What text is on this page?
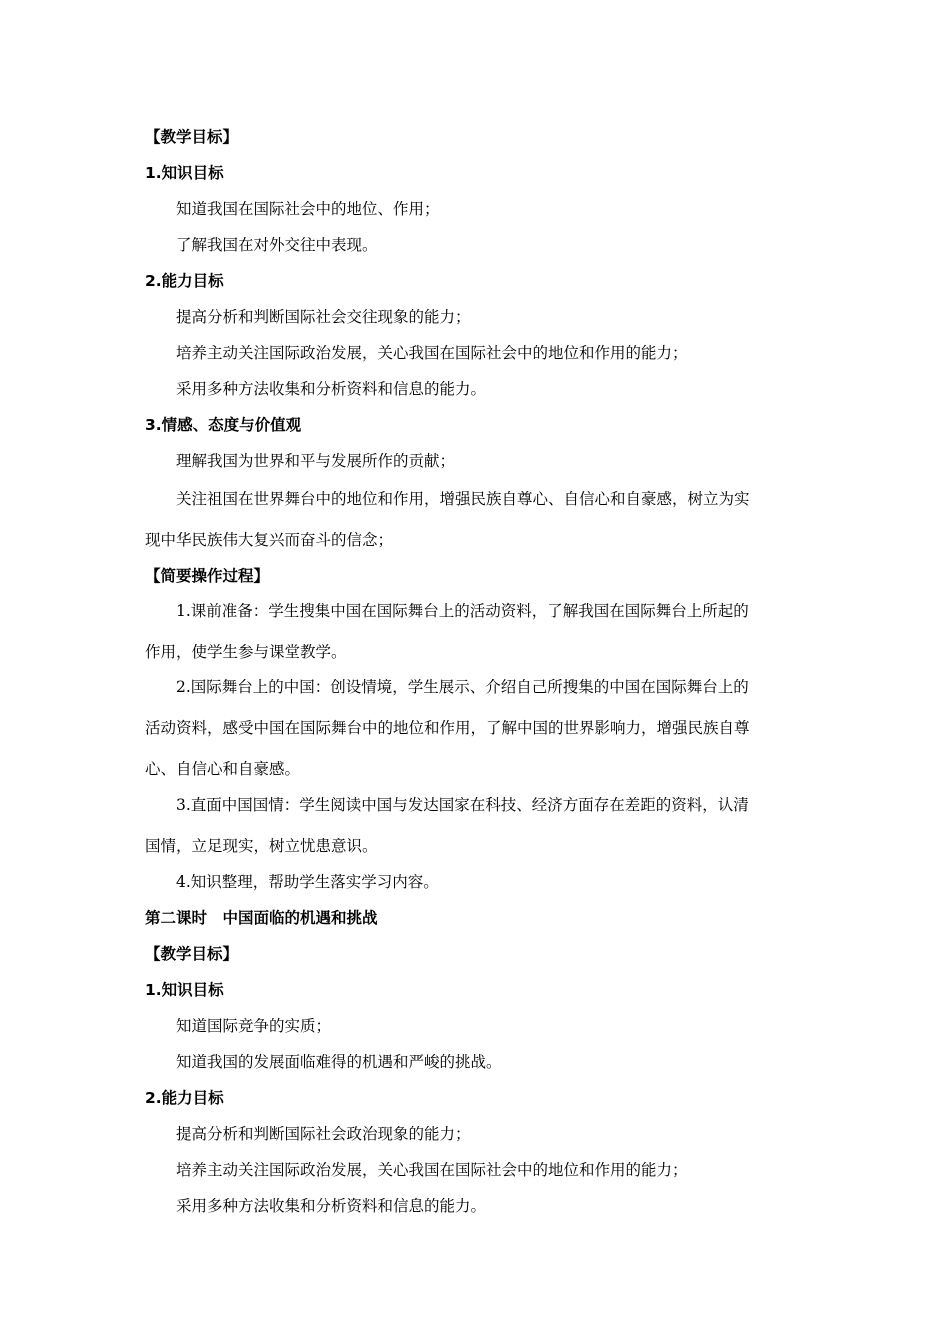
【教学目标】
1.知识目标
知道我国在国际社会中的地位、作用；
了解我国在对外交往中表现。
2.能力目标
提高分析和判断国际社会交往现象的能力；
培养主动关注国际政治发展，关心我国在国际社会中的地位和作用的能力；
采用多种方法收集和分析资料和信息的能力。
3.情感、态度与价值观
理解我国为世界和平与发展所作的贡献；
关注祖国在世界舞台中的地位和作用，增强民族自尊心、自信心和自豪感，树立为实
现中华民族伟大复兴而奋斗的信念；
【简要操作过程】
1.课前准备：学生搜集中国在国际舞台上的活动资料，了解我国在国际舞台上所起的
作用，使学生参与课堂教学。
2.国际舞台上的中国：创设情境，学生展示、介绍自己所搜集的中国在国际舞台上的
活动资料，感受中国在国际舞台中的地位和作用，了解中国的世界影响力，增强民族自尊
心、自信心和自豪感。
3.直面中国国情：学生阅读中国与发达国家在科技、经济方面存在差距的资料，认清
国情，立足现实，树立忧患意识。
4.知识整理，帮助学生落实学习内容。
第二课时　中国面临的机遇和挑战
【教学目标】
1.知识目标
知道国际竞争的实质；
知道我国的发展面临难得的机遇和严峻的挑战。
2.能力目标
提高分析和判断国际社会政治现象的能力；
培养主动关注国际政治发展，关心我国在国际社会中的地位和作用的能力；
采用多种方法收集和分析资料和信息的能力。
